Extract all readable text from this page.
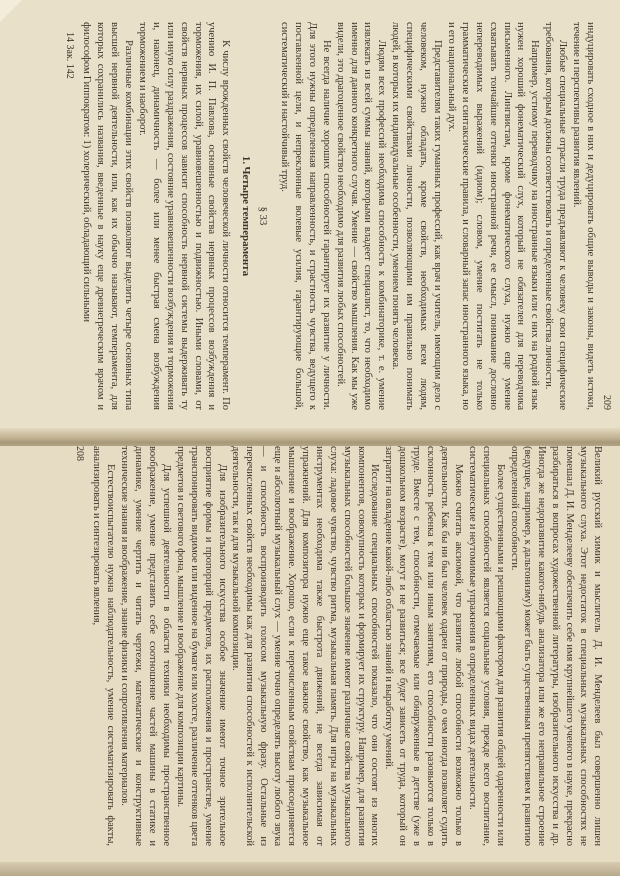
209

индуцировать сходное в них и дедуцировать общие выводы и законы, видеть истоки, течение и перспективы развития явлений.

Любые специальные отрасли труда предъявляют к человеку свои специфические требования, которым должны соответствовать и определенные свойства личности.

Например, устному переводчику на иностранные языки или с них на родной язык нужен хороший фонематический слух, который не обязателен для переводчика письменного. Лингвистам, кроме фонематического слуха, нужно еще умение схватывать тончайшие оттенки иностранной речи, ее смысл, понимание дословно непереводимых выражений (идиом); словом, умение постигать не только грамматические и синтаксические правила, и словарный запас иностранного языка, но и его национальный дух.

Представителям таких гуманных профессий, как врач и учитель, имеющим дело с человеком, нужно обладать, кроме свойств, необходимых всем людям, специфическими свойствами личности, позволяющими им правильно понимать людей, в которых их индивидуальные особенности, умением понять человека.

Людям всех профессий необходима способность к комбинаторике, т. е. умение извлекать из всей суммы знаний, которыми владеет специалист, то, что необходимо именно для данного конкретного случая. Умение — свойство мышления. Как мы уже видели, это драгоценное свойство необходимо для развития любых способностей.

Не всегда наличие хороших способностей гарантирует их развитие у личности. Для этого нужны определенная направленность, и страстность чувства, ведущего к поставленной цели, и непреклонные волевые усилия, гарантирующие большой, систематический и настойчивый труд.

§ 33

1. Четыре темперамента

К числу врожденных свойств человеческой личности относится темперамент. По учению И. П. Павлова, основные свойства нервных процессов возбуждения и торможения, их силой, уравновешенностью и подвижностью. Иными словами, от свойств нервных процессов зависит способность нервной системы выдерживать ту или иную силу раздражения, состояние уравновешенности возбуждения и торможения и, наконец, динамичность — более или менее быстрая смена возбуждения торможением и наоборот.

Различные комбинации этих свойств позволяют выделить четыре основных типа высшей нервной деятельности, или, как их обычно называют, темперамента, для которых сохранились названия, введенные в науку еще древнегреческим врачом и философом Гиппократом: 1) холерический, обладающий сильными

14 Зак. 142

Великий русский химик и мыслитель Д. И. Менделеев был совершенно лишен музыкального слуха. Этот недостаток в специальных музыкальных способностях не помешал Д. И. Менделееву обеспечить себе имя крупнейшего ученого в науке, прекрасно разбираться в вопросах художественной литературы, изобразительного искусства и др. Иногда же недоразвитие какого-нибудь анализатора или же его неправильное строение (ведущее, например, к дальтонизму) может быть существенным препятствием к развитию определенной способности.

Более существенными и решающими фактором для развития общей одаренности или специальных способностей является социальные условия, прежде всего воспитание, систематические и неутомимые упражнения в определенных видах деятельности.

Можно считать аксиомой, что развитие любой способности возможно только в деятельности. Как бы ни был человек одарен от природы, о чем иногда позволяет судить склонность ребенка к тем или иным занятиям, его способности разовьются только в труде. Вместе с тем, способности, отмечаемые или обнаруженные в детстве (уже в дошкольном возрасте), могут и не развиться; все будет зависеть от труда, который он затратит на овладение какой-либо областью знаний и выработку умений.

Исследование специальных способностей показало, что они состоят из многих компонентов, совокупность которых и формирует их структуру. Например, для развития музыкальных способностей большое значение имеют различные свойства музыкального слуха: ладовое чувство, чувство ритма, музыкальная память. Для игры на музыкальных инструментах необходима также быстрота движений, не всегда зависимая от упражнений. Для композитора нужно еще такое важное свойство, как музыкальное мышление и воображение. Хорошо, если к перечисленным свойствам присоединяется еще и абсолютный музыкальный слух — умение точно определять высоту любого звука — и способность воспроизводить голосом музыкальную фразу. Остальные из перечисленных свойств необходимы как для развития способностей к исполнительской деятельности, так и для музыкальной композиции.

Для изобразительного искусства особое значение имеют точное зрительное восприятие формы и пропорций предметов, их расположения и пространстве, умение транспонировать видимое или виденное на бумаге или холсте, различение оттенков цвета предметов и светового фона, мышление и воображение для композиции картины.

Для успешной деятельности в области техники необходимы пространственное воображение, умение представить себе соотношение частей машины в статике и динамике, умение чертить и читать чертежи, математические и конструктивные технические знания и воображение, знание физики и сопротивления материалов.

Естествоиспытателю нужна наблюдательность, умение систематизировать факты, анализировать и синтезировать явления,

208
